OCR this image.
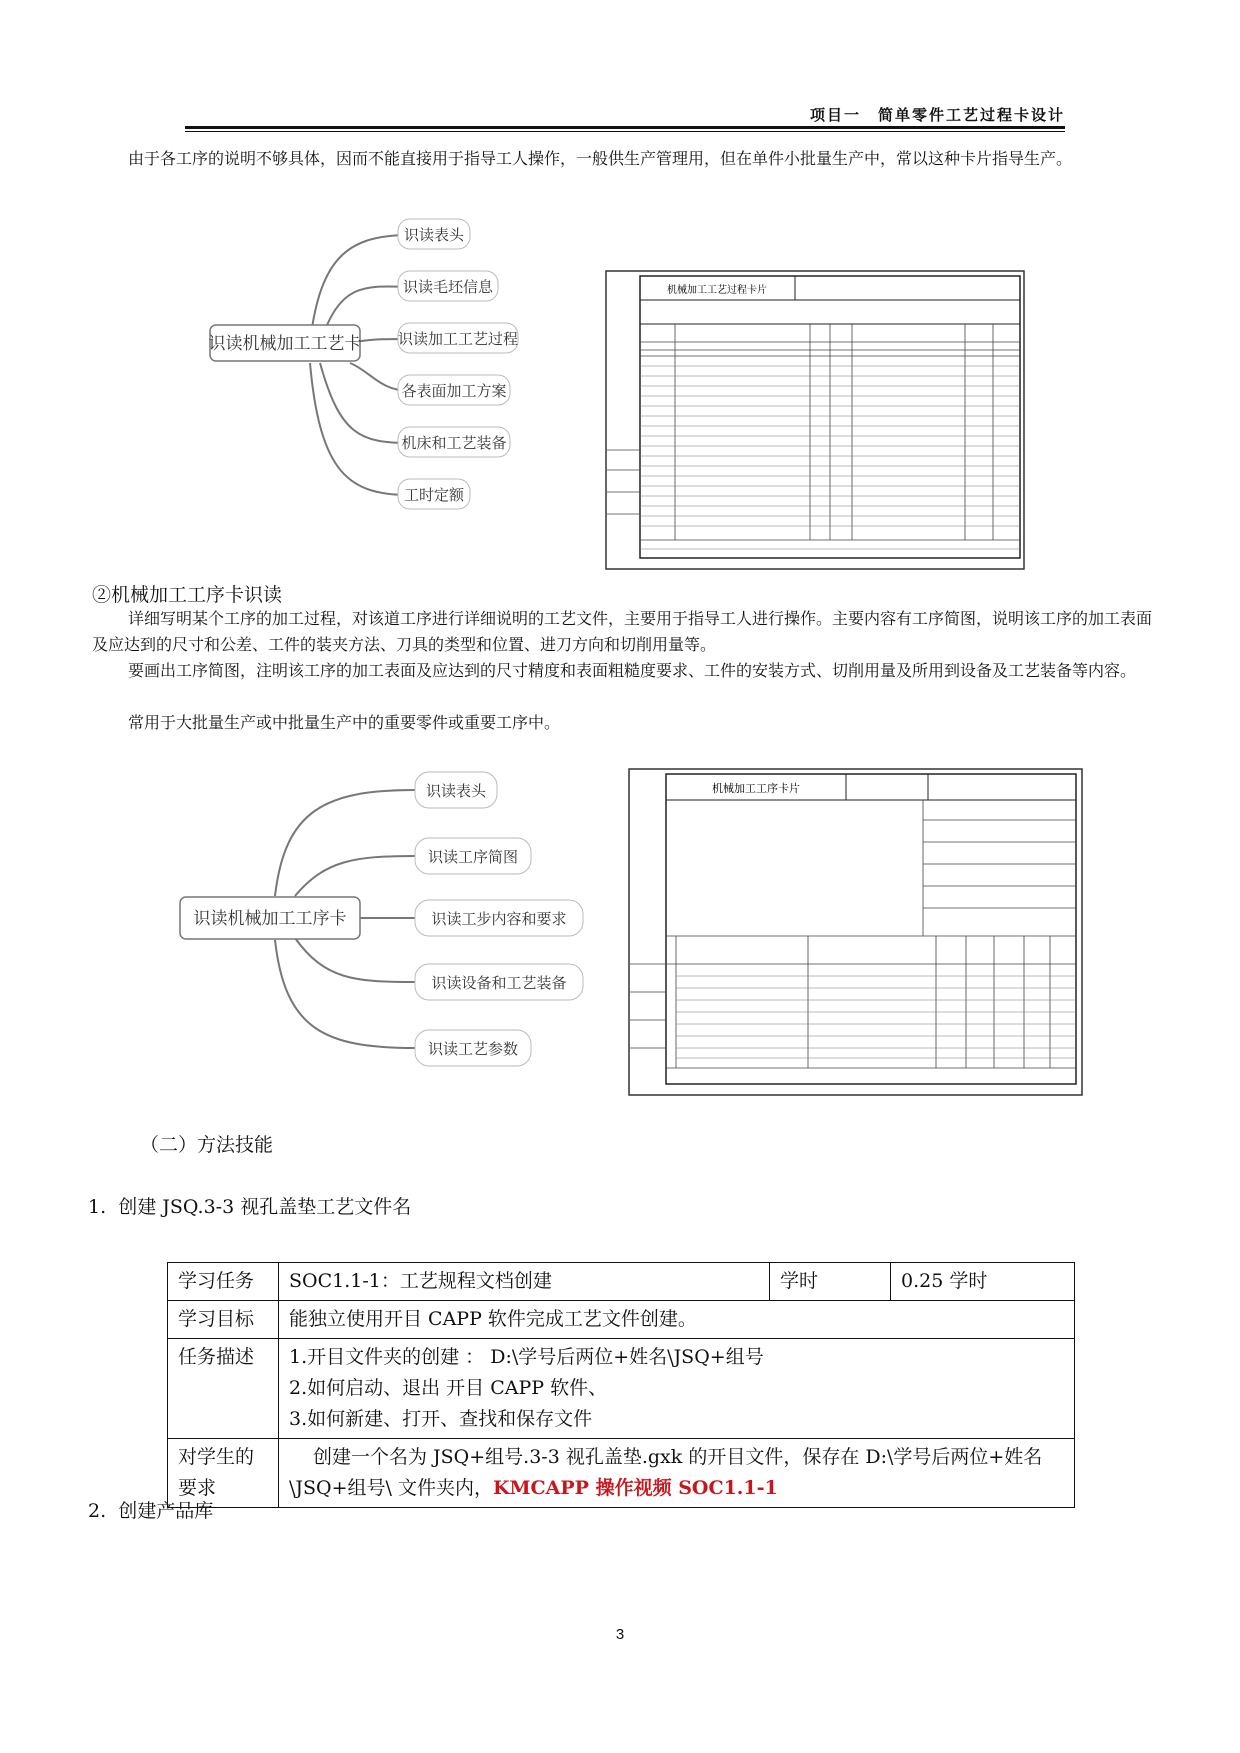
项目一　简单零件工艺过程卡设计

由于各工序的说明不够具体，因而不能直接用于指导工人操作，一般供生产管理用，但在单件小批量生产中，常以这种卡片指导生产。

识读机械加工工艺卡
识读表头
识读毛坯信息
识读加工工艺过程
各表面加工方案
机床和工艺装备
工时定额
机械加工工艺过程卡片
②机械加工工序卡识读

详细写明某个工序的加工过程，对该道工序进行详细说明的工艺文件，主要用于指导工人进行操作。主要内容有工序简图，说明该工序的加工表面及应达到的尺寸和公差、工件的装夹方法、刀具的类型和位置、进刀方向和切削用量等。

要画出工序简图，注明该工序的加工表面及应达到的尺寸精度和表面粗糙度要求、工件的安装方式、切削用量及所用到设备及工艺装备等内容。

常用于大批量生产或中批量生产中的重要零件或重要工序中。

识读机械加工工序卡
识读表头
识读工序简图
识读工步内容和要求
识读设备和工艺装备
识读工艺参数
机械加工工序卡片
（二）方法技能
1. 创建 JSQ.3-3 视孔盖垫工艺文件名
学习任务	SOC1.1-1：工艺规程文档创建	学时	0.25 学时
学习目标	能独立使用开目 CAPP 软件完成工艺文件创建。		
任务描述	1.开目文件夹的创建 ： D:\学号后两位+姓名\JSQ+组号
2.如何启动、退出 开目 CAPP 软件、
3.如何新建、打开、查找和保存文件		

对学生的
要求	创建一个名为 JSQ+组号.3-3 视孔盖垫.gxk 的开目文件，保存在 D:\学号后两位+姓名\JSQ+组号\ 文件夹内，KMCAPP 操作视频 SOC1.1-1		
2. 创建产品库
3
